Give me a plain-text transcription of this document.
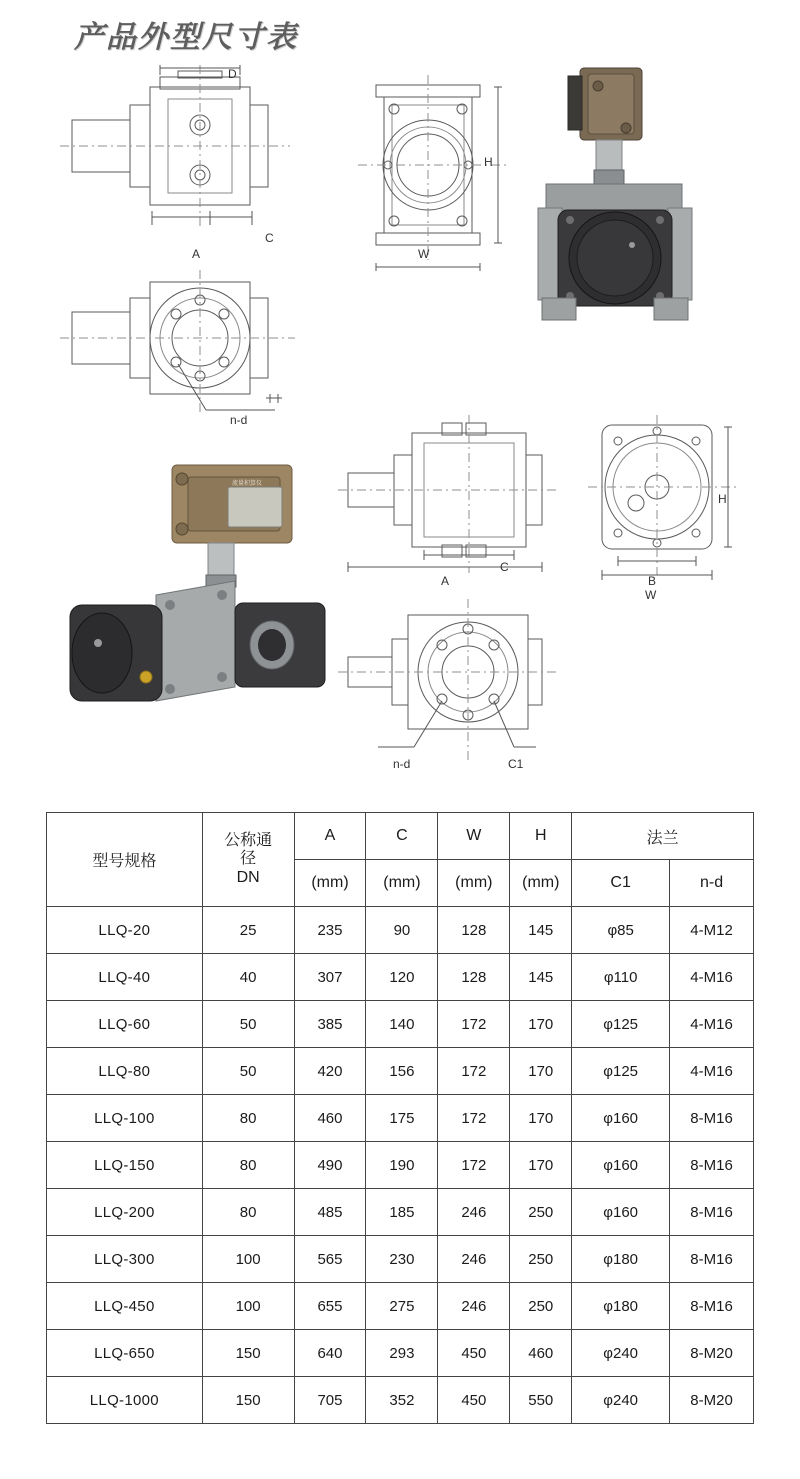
产品外型尺寸表
D
A
C
H
W
n-d
流量积算仪
A
C
H
B
W
n-d	C1
型号规格	公称通
径
DN	A	C	W	H	法兰	
		(mm)	(mm)	(mm)	(mm)	C1	n-d
LLQ-20	25	235	90	128	145	φ85	4-M12
LLQ-40	40	307	120	128	145	φ110	4-M16
LLQ-60	50	385	140	172	170	φ125	4-M16
LLQ-80	50	420	156	172	170	φ125	4-M16
LLQ-100	80	460	175	172	170	φ160	8-M16
LLQ-150	80	490	190	172	170	φ160	8-M16
LLQ-200	80	485	185	246	250	φ160	8-M16
LLQ-300	100	565	230	246	250	φ180	8-M16
LLQ-450	100	655	275	246	250	φ180	8-M16
LLQ-650	150	640	293	450	460	φ240	8-M20
LLQ-1000	150	705	352	450	550	φ240	8-M20
